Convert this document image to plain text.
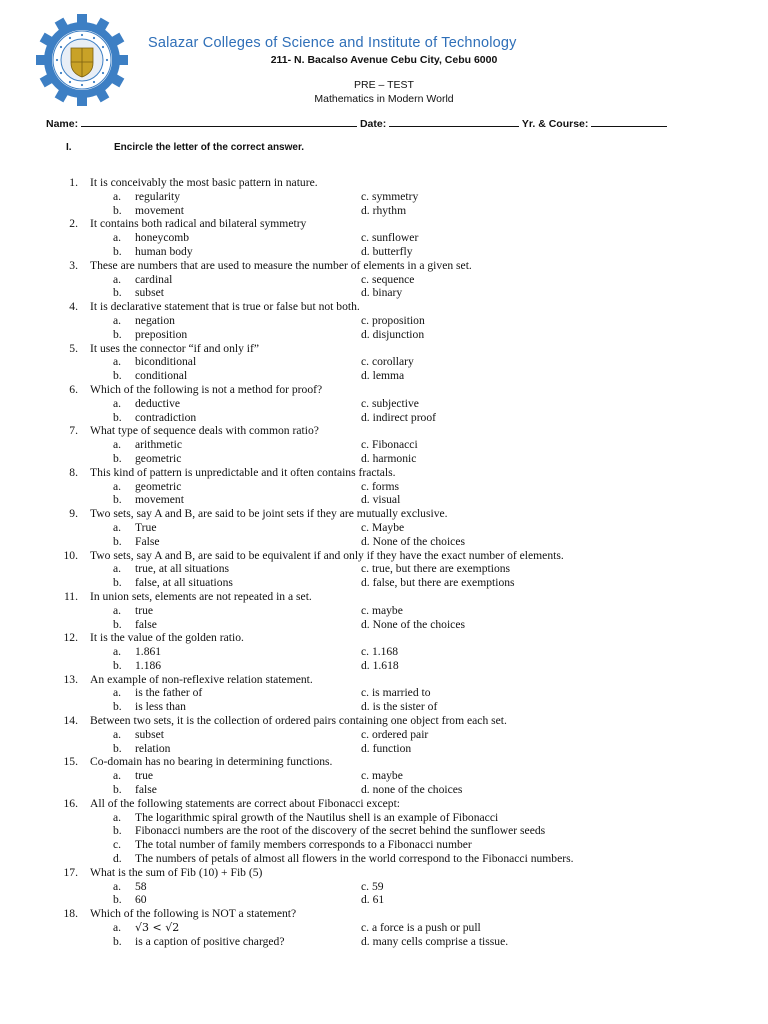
Salazar Colleges of Science and Institute of Technology
211- N. Bacalso Avenue Cebu City, Cebu 6000
PRE – TEST
Mathematics in Modern World
Name:	Date:	Yr. & Course:
I.	Encircle the letter of the correct answer.
1. It is conceivably the most basic pattern in nature.
a. regularity	c. symmetry
b. movement	d. rhythm
2. It contains both radical and bilateral symmetry
a. honeycomb	c. sunflower
b. human body	d. butterfly
3. These are numbers that are used to measure the number of elements in a given set.
a. cardinal	c. sequence
b. subset	d. binary
4. It is declarative statement that is true or false but not both.
a. negation	c. proposition
b. preposition	d. disjunction
5. It uses the connector “if and only if”
a. biconditional	c. corollary
b. conditional	d. lemma
6. Which of the following is not a method for proof?
a. deductive	c. subjective
b. contradiction	d. indirect proof
7. What type of sequence deals with common ratio?
a. arithmetic	c. Fibonacci
b. geometric	d. harmonic
8. This kind of pattern is unpredictable and it often contains fractals.
a. geometric	c. forms
b. movement	d. visual
9. Two sets, say A and B, are said to be joint sets if they are mutually exclusive.
a. True	c. Maybe
b. False	d. None of the choices
10. Two sets, say A and B, are said to be equivalent if and only if they have the exact number of elements.
a. true, at all situations	c. true, but there are exemptions
b. false, at all situations	d. false, but there are exemptions
11. In union sets, elements are not repeated in a set.
a. true	c. maybe
b. false	d. None of the choices
12. It is the value of the golden ratio.
a. 1.861	c. 1.168
b. 1.186	d. 1.618
13. An example of non-reflexive relation statement.
a. is the father of	c. is married to
b. is less than	d. is the sister of
14. Between two sets, it is the collection of ordered pairs containing one object from each set.
a. subset	c. ordered pair
b. relation	d. function
15. Co-domain has no bearing in determining functions.
a. true	c. maybe
b. false	d. none of the choices
16. All of the following statements are correct about Fibonacci except:
a. The logarithmic spiral growth of the Nautilus shell is an example of Fibonacci
b. Fibonacci numbers are the root of the discovery of the secret behind the sunflower seeds
c. The total number of family members corresponds to a Fibonacci number
d. The numbers of petals of almost all flowers in the world correspond to the Fibonacci numbers.
17. What is the sum of Fib (10) + Fib (5)
a. 58	c. 59
b. 60	d. 61
18. Which of the following is NOT a statement?
a. √3 < √2	c. a force is a push or pull
b. is a caption of positive charged?	d. many cells comprise a tissue.
